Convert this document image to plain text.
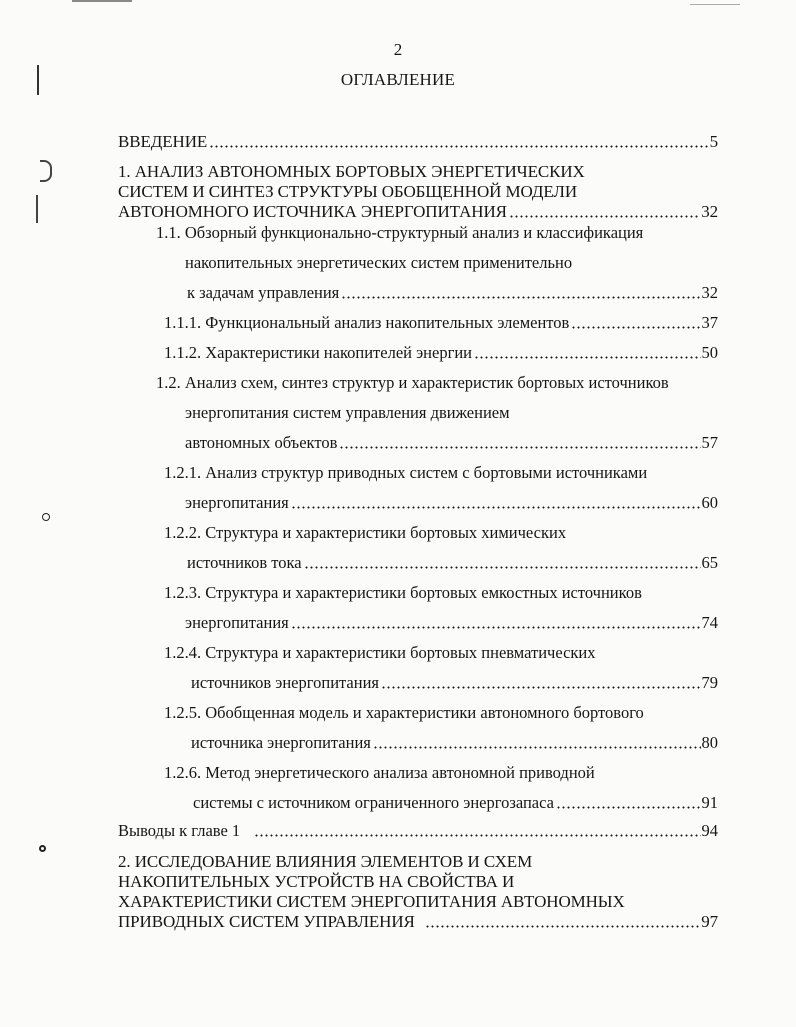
2
ОГЛАВЛЕНИЕ
ВВЕДЕНИЕ	5
1. АНАЛИЗ АВТОНОМНЫХ БОРТОВЫХ ЭНЕРГЕТИЧЕСКИХ
СИСТЕМ И СИНТЕЗ СТРУКТУРЫ ОБОБЩЕННОЙ МОДЕЛИ
АВТОНОМНОГО ИСТОЧНИКА ЭНЕРГОПИТАНИЯ	32
1.1. Обзорный функционально-структурный анализ и классификация
накопительных энергетических систем применительно
к задачам управления	32
1.1.1. Функциональный анализ накопительных элементов	37
1.1.2. Характеристики накопителей энергии	50
1.2. Анализ схем, синтез структур и характеристик бортовых источников
энергопитания систем управления движением
автономных объектов	57
1.2.1. Анализ структур приводных систем с бортовыми источниками
энергопитания	60
1.2.2. Структура и характеристики бортовых химических
источников тока	65
1.2.3. Структура и характеристики бортовых емкостных источников
энергопитания	74
1.2.4. Структура и характеристики бортовых пневматических
источников энергопитания	79
1.2.5. Обобщенная модель и характеристики автономного бортового
источника энергопитания	80
1.2.6. Метод энергетического анализа автономной приводной
системы с источником ограниченного энергозапаса	91
Выводы к главе 1	94
2. ИССЛЕДОВАНИЕ ВЛИЯНИЯ ЭЛЕМЕНТОВ И СХЕМ
НАКОПИТЕЛЬНЫХ УСТРОЙСТВ НА СВОЙСТВА И
ХАРАКТЕРИСТИКИ СИСТЕМ ЭНЕРГОПИТАНИЯ АВТОНОМНЫХ
ПРИВОДНЫХ СИСТЕМ УПРАВЛЕНИЯ	97
